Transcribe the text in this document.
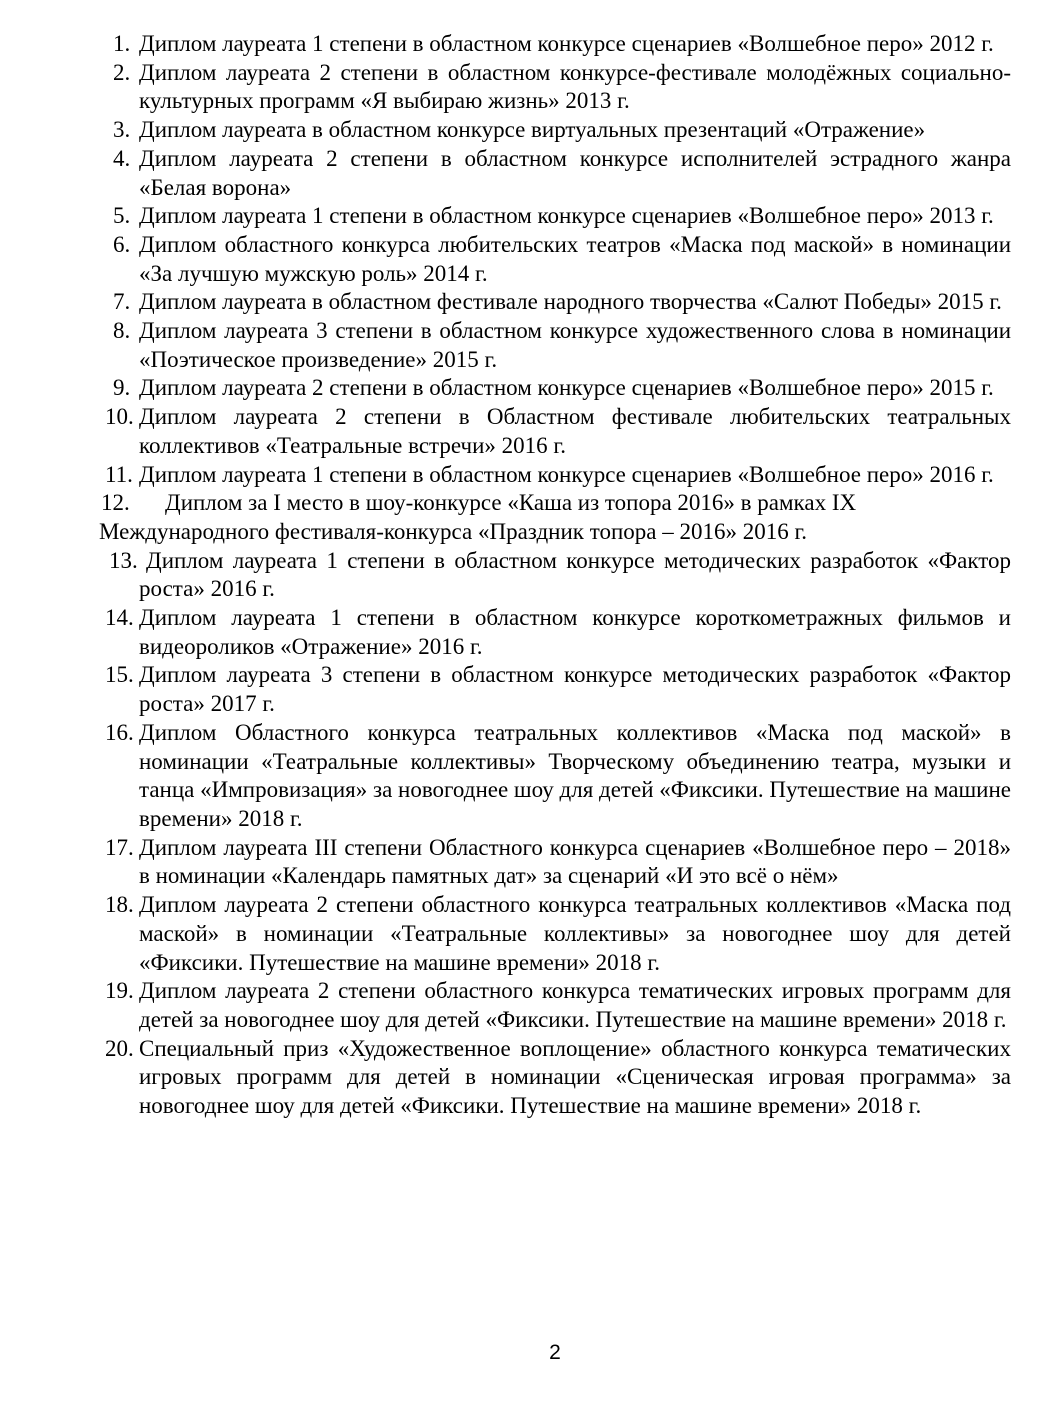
1. Диплом лауреата 1 степени в областном конкурсе сценариев «Волшебное перо» 2012 г.
2. Диплом лауреата 2 степени в областном конкурсе-фестивале молодёжных социально-культурных программ «Я выбираю жизнь» 2013 г.
3. Диплом лауреата в областном конкурсе виртуальных презентаций «Отражение»
4. Диплом лауреата 2 степени в областном конкурсе исполнителей эстрадного жанра «Белая ворона»
5. Диплом лауреата 1 степени в областном конкурсе сценариев «Волшебное перо» 2013 г.
6. Диплом областного конкурса любительских театров «Маска под маской» в номинации «За лучшую мужскую роль» 2014 г.
7. Диплом лауреата в областном фестивале народного творчества «Салют Победы» 2015 г.
8. Диплом лауреата 3 степени в областном конкурсе художественного слова в номинации «Поэтическое произведение» 2015 г.
9. Диплом лауреата 2 степени в областном конкурсе сценариев «Волшебное перо» 2015 г.
10. Диплом лауреата 2 степени в Областном фестивале любительских театральных коллективов «Театральные встречи» 2016 г.
11. Диплом лауреата 1 степени в областном конкурсе сценариев «Волшебное перо» 2016 г.
12. Диплом за I место в шоу-конкурсе «Каша из топора 2016» в рамках IX Международного фестиваля-конкурса «Праздник топора – 2016» 2016 г.
13. Диплом лауреата 1 степени в областном конкурсе методических разработок «Фактор роста» 2016 г.
14. Диплом лауреата 1 степени в областном конкурсе короткометражных фильмов и видеороликов «Отражение» 2016 г.
15. Диплом лауреата 3 степени в областном конкурсе методических разработок «Фактор роста» 2017 г.
16. Диплом Областного конкурса театральных коллективов «Маска под маской» в номинации «Театральные коллективы» Творческому объединению театра, музыки и танца «Импровизация» за новогоднее шоу для детей «Фиксики. Путешествие на машине времени» 2018 г.
17. Диплом лауреата III степени Областного конкурса сценариев «Волшебное перо – 2018» в номинации «Календарь памятных дат» за сценарий «И это всё о нём»
18. Диплом лауреата 2 степени областного конкурса театральных коллективов «Маска под маской» в номинации «Театральные коллективы» за новогоднее шоу для детей «Фиксики. Путешествие на машине времени» 2018 г.
19. Диплом лауреата 2 степени областного конкурса тематических игровых программ для детей за новогоднее шоу для детей «Фиксики. Путешествие на машине времени» 2018 г.
20. Специальный приз «Художественное воплощение» областного конкурса тематических игровых программ для детей в номинации «Сценическая игровая программа» за новогоднее шоу для детей «Фиксики. Путешествие на машине времени» 2018 г.
2
